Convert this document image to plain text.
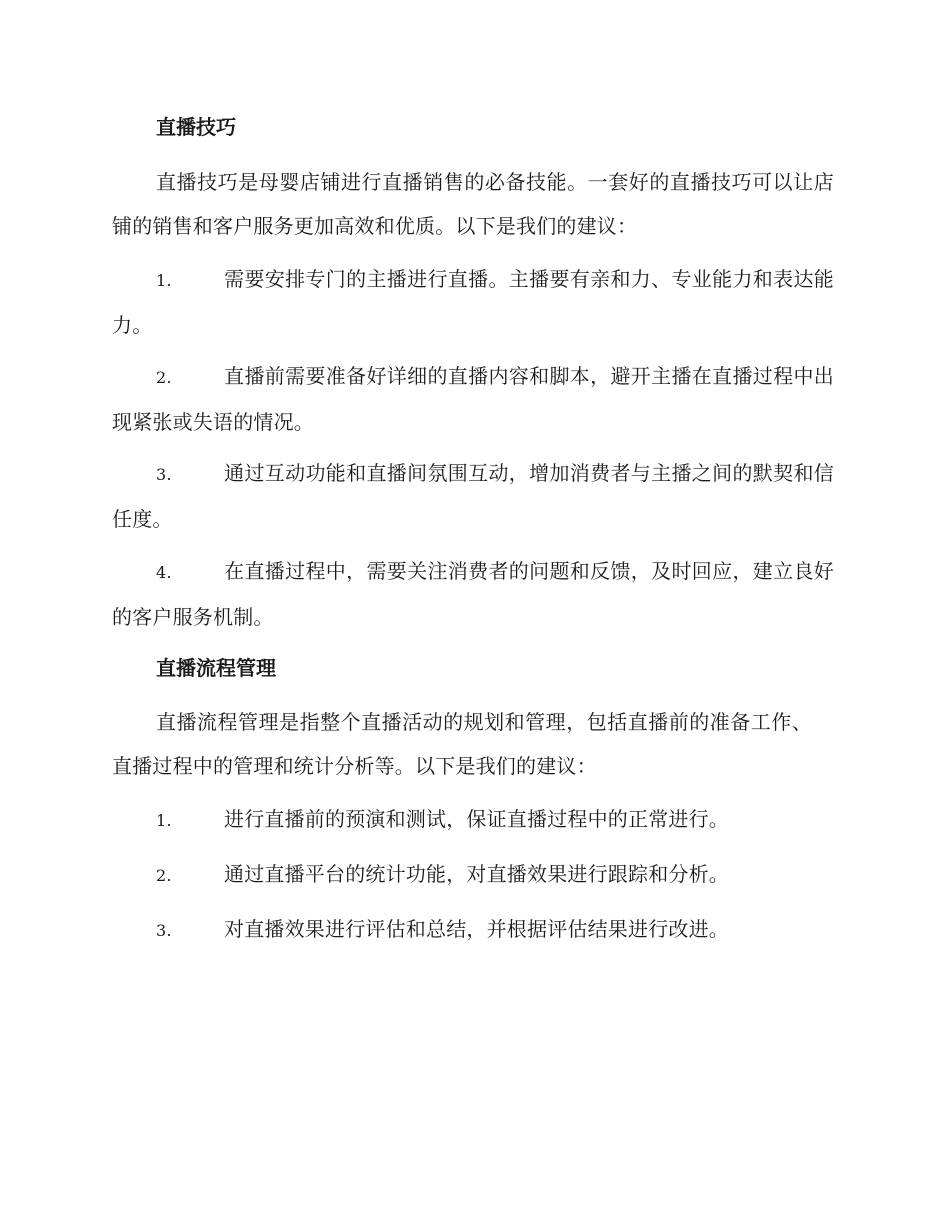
直播技巧

直播技巧是母婴店铺进行直播销售的必备技能。一套好的直播技巧可以让店铺的销售和客户服务更加高效和优质。以下是我们的建议：

1.	需要安排专门的主播进行直播。主播要有亲和力、专业能力和表达能力。
2.	直播前需要准备好详细的直播内容和脚本，避开主播在直播过程中出现紧张或失语的情况。
3.	通过互动功能和直播间氛围互动，增加消费者与主播之间的默契和信任度。
4.	在直播过程中，需要关注消费者的问题和反馈，及时回应，建立良好的客户服务机制。
直播流程管理

直播流程管理是指整个直播活动的规划和管理，包括直播前的准备工作、直播过程中的管理和统计分析等。以下是我们的建议：

1.	进行直播前的预演和测试，保证直播过程中的正常进行。
2.	通过直播平台的统计功能，对直播效果进行跟踪和分析。
3.	对直播效果进行评估和总结，并根据评估结果进行改进。
